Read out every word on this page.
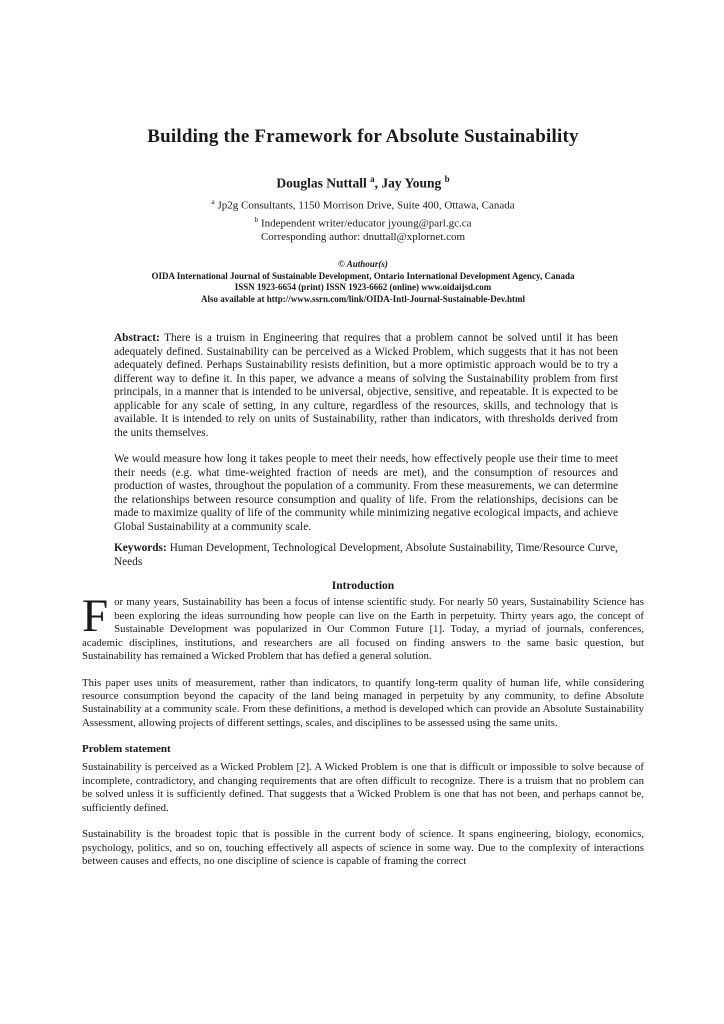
Building the Framework for Absolute Sustainability
Douglas Nuttall $^a$, Jay Young $^b$
$^a$ Jp2g Consultants, 1150 Morrison Drive, Suite 400, Ottawa, Canada
$^b$ Independent writer/educator jyoung@parl.gc.ca
Corresponding author: dnuttall@xplornet.com
© Authour(s)
OIDA International Journal of Sustainable Development, Ontario International Development Agency, Canada
ISSN 1923-6654 (print) ISSN 1923-6662 (online) www.oidaijsd.com
Also available at http://www.ssrn.com/link/OIDA-Intl-Journal-Sustainable-Dev.html

Abstract: There is a truism in Engineering that requires that a problem cannot be solved until it has been adequately defined. Sustainability can be perceived as a Wicked Problem, which suggests that it has not been adequately defined. Perhaps Sustainability resists definition, but a more optimistic approach would be to try a different way to define it. In this paper, we advance a means of solving the Sustainability problem from first principals, in a manner that is intended to be universal, objective, sensitive, and repeatable. It is expected to be applicable for any scale of setting, in any culture, regardless of the resources, skills, and technology that is available. It is intended to rely on units of Sustainability, rather than indicators, with thresholds derived from the units themselves.

We would measure how long it takes people to meet their needs, how effectively people use their time to meet their needs (e.g. what time-weighted fraction of needs are met), and the consumption of resources and production of wastes, throughout the population of a community. From these measurements, we can determine the relationships between resource consumption and quality of life. From the relationships, decisions can be made to maximize quality of life of the community while minimizing negative ecological impacts, and achieve Global Sustainability at a community scale.

Keywords: Human Development, Technological Development, Absolute Sustainability, Time/Resource Curve, Needs

Introduction

For many years, Sustainability has been a focus of intense scientific study. For nearly 50 years, Sustainability Science has been exploring the ideas surrounding how people can live on the Earth in perpetuity. Thirty years ago, the concept of Sustainable Development was popularized in Our Common Future [1]. Today, a myriad of journals, conferences, academic disciplines, institutions, and researchers are all focused on finding answers to the same basic question, but Sustainability has remained a Wicked Problem that has defied a general solution.

This paper uses units of measurement, rather than indicators, to quantify long-term quality of human life, while considering resource consumption beyond the capacity of the land being managed in perpetuity by any community, to define Absolute Sustainability at a community scale. From these definitions, a method is developed which can provide an Absolute Sustainability Assessment, allowing projects of different settings, scales, and disciplines to be assessed using the same units.

Problem statement

Sustainability is perceived as a Wicked Problem [2]. A Wicked Problem is one that is difficult or impossible to solve because of incomplete, contradictory, and changing requirements that are often difficult to recognize. There is a truism that no problem can be solved unless it is sufficiently defined. That suggests that a Wicked Problem is one that has not been, and perhaps cannot be, sufficiently defined.

Sustainability is the broadest topic that is possible in the current body of science. It spans engineering, biology, economics, psychology, politics, and so on, touching effectively all aspects of science in some way. Due to the complexity of interactions between causes and effects, no one discipline of science is capable of framing the correct
